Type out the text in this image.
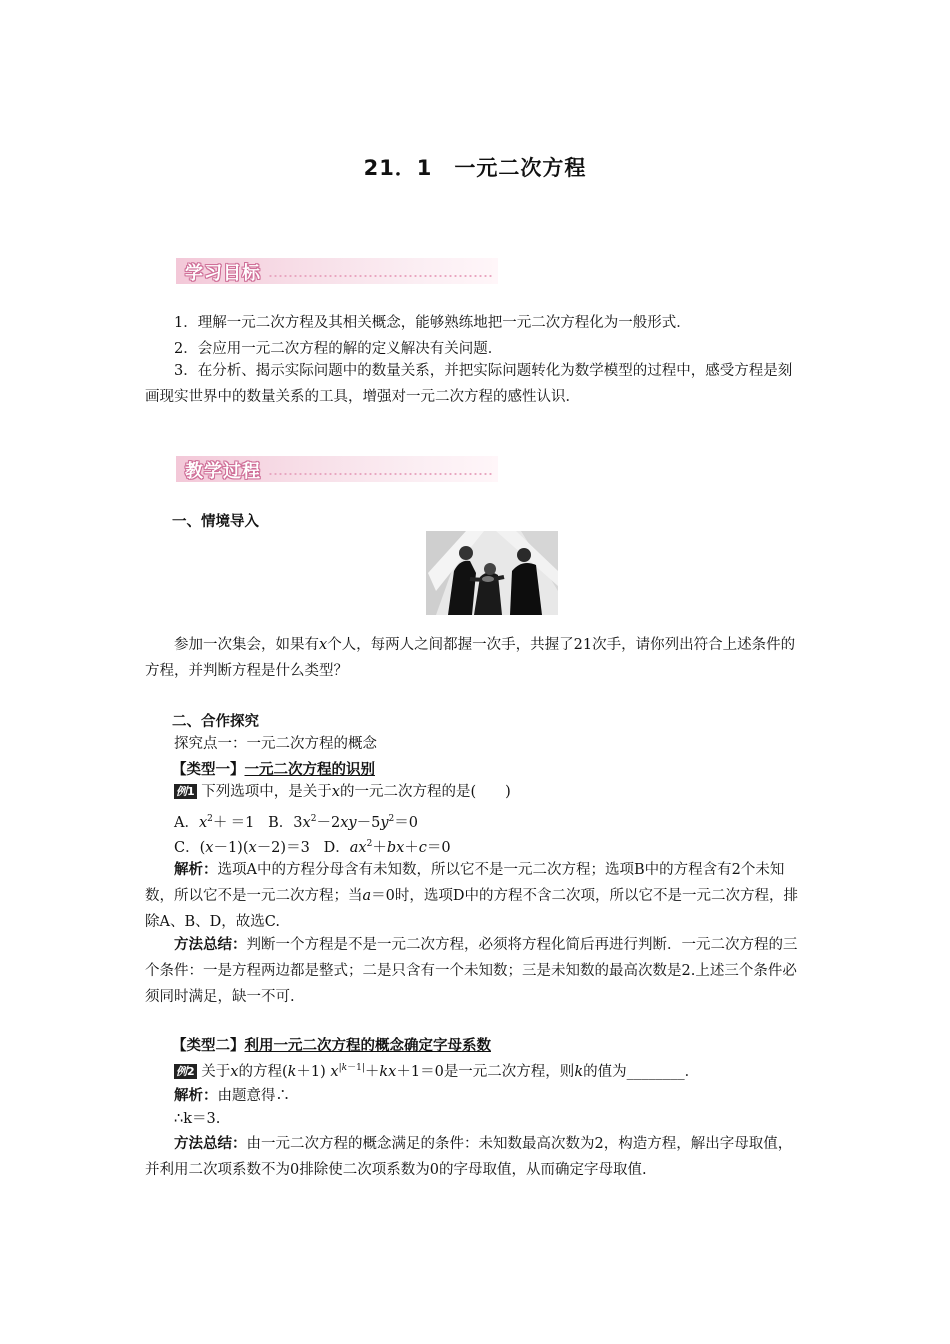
21．1　一元二次方程
学习目标
1．理解一元二次方程及其相关概念，能够熟练地把一元二次方程化为一般形式．
2．会应用一元二次方程的解的定义解决有关问题．
3．在分析、揭示实际问题中的数量关系，并把实际问题转化为数学模型的过程中，感受方程是刻画现实世界中的数量关系的工具，增强对一元二次方程的感性认识．
教学过程
一、情境导入
参加一次集会，如果有x个人，每两人之间都握一次手，共握了21次手，请你列出符合上述条件的方程，并判断方程是什么类型？
二、合作探究
探究点一：一元二次方程的概念
【类型一】一元二次方程的识别
例1 下列选项中，是关于x的一元二次方程的是(　　)
A．$x^2+ =1$   B．$3x^2-2xy-5y^2=0$
C．(x－1)(x－2)＝3   D．$ax^2+bx+c=0$
解析：选项A中的方程分母含有未知数，所以它不是一元二次方程；选项B中的方程含有2个未知数，所以它不是一元二次方程；当a＝0时，选项D中的方程不含二次项，所以它不是一元二次方程，排除A、B、D，故选C.
方法总结：判断一个方程是不是一元二次方程，必须将方程化简后再进行判断．一元二次方程的三个条件：一是方程两边都是整式；二是只含有一个未知数；三是未知数的最高次数是2.上述三个条件必须同时满足，缺一不可.
【类型二】利用一元二次方程的概念确定字母系数
例2 关于x的方程(k＋1) $x^{|k-1|}+kx+1=0$是一元二次方程，则k的值为________．
解析：由题意得∴
∴k＝3.
方法总结：由一元二次方程的概念满足的条件：未知数最高次数为2，构造方程，解出字母取值，并利用二次项系数不为0排除使二次项系数为0的字母取值，从而确定字母取值.
